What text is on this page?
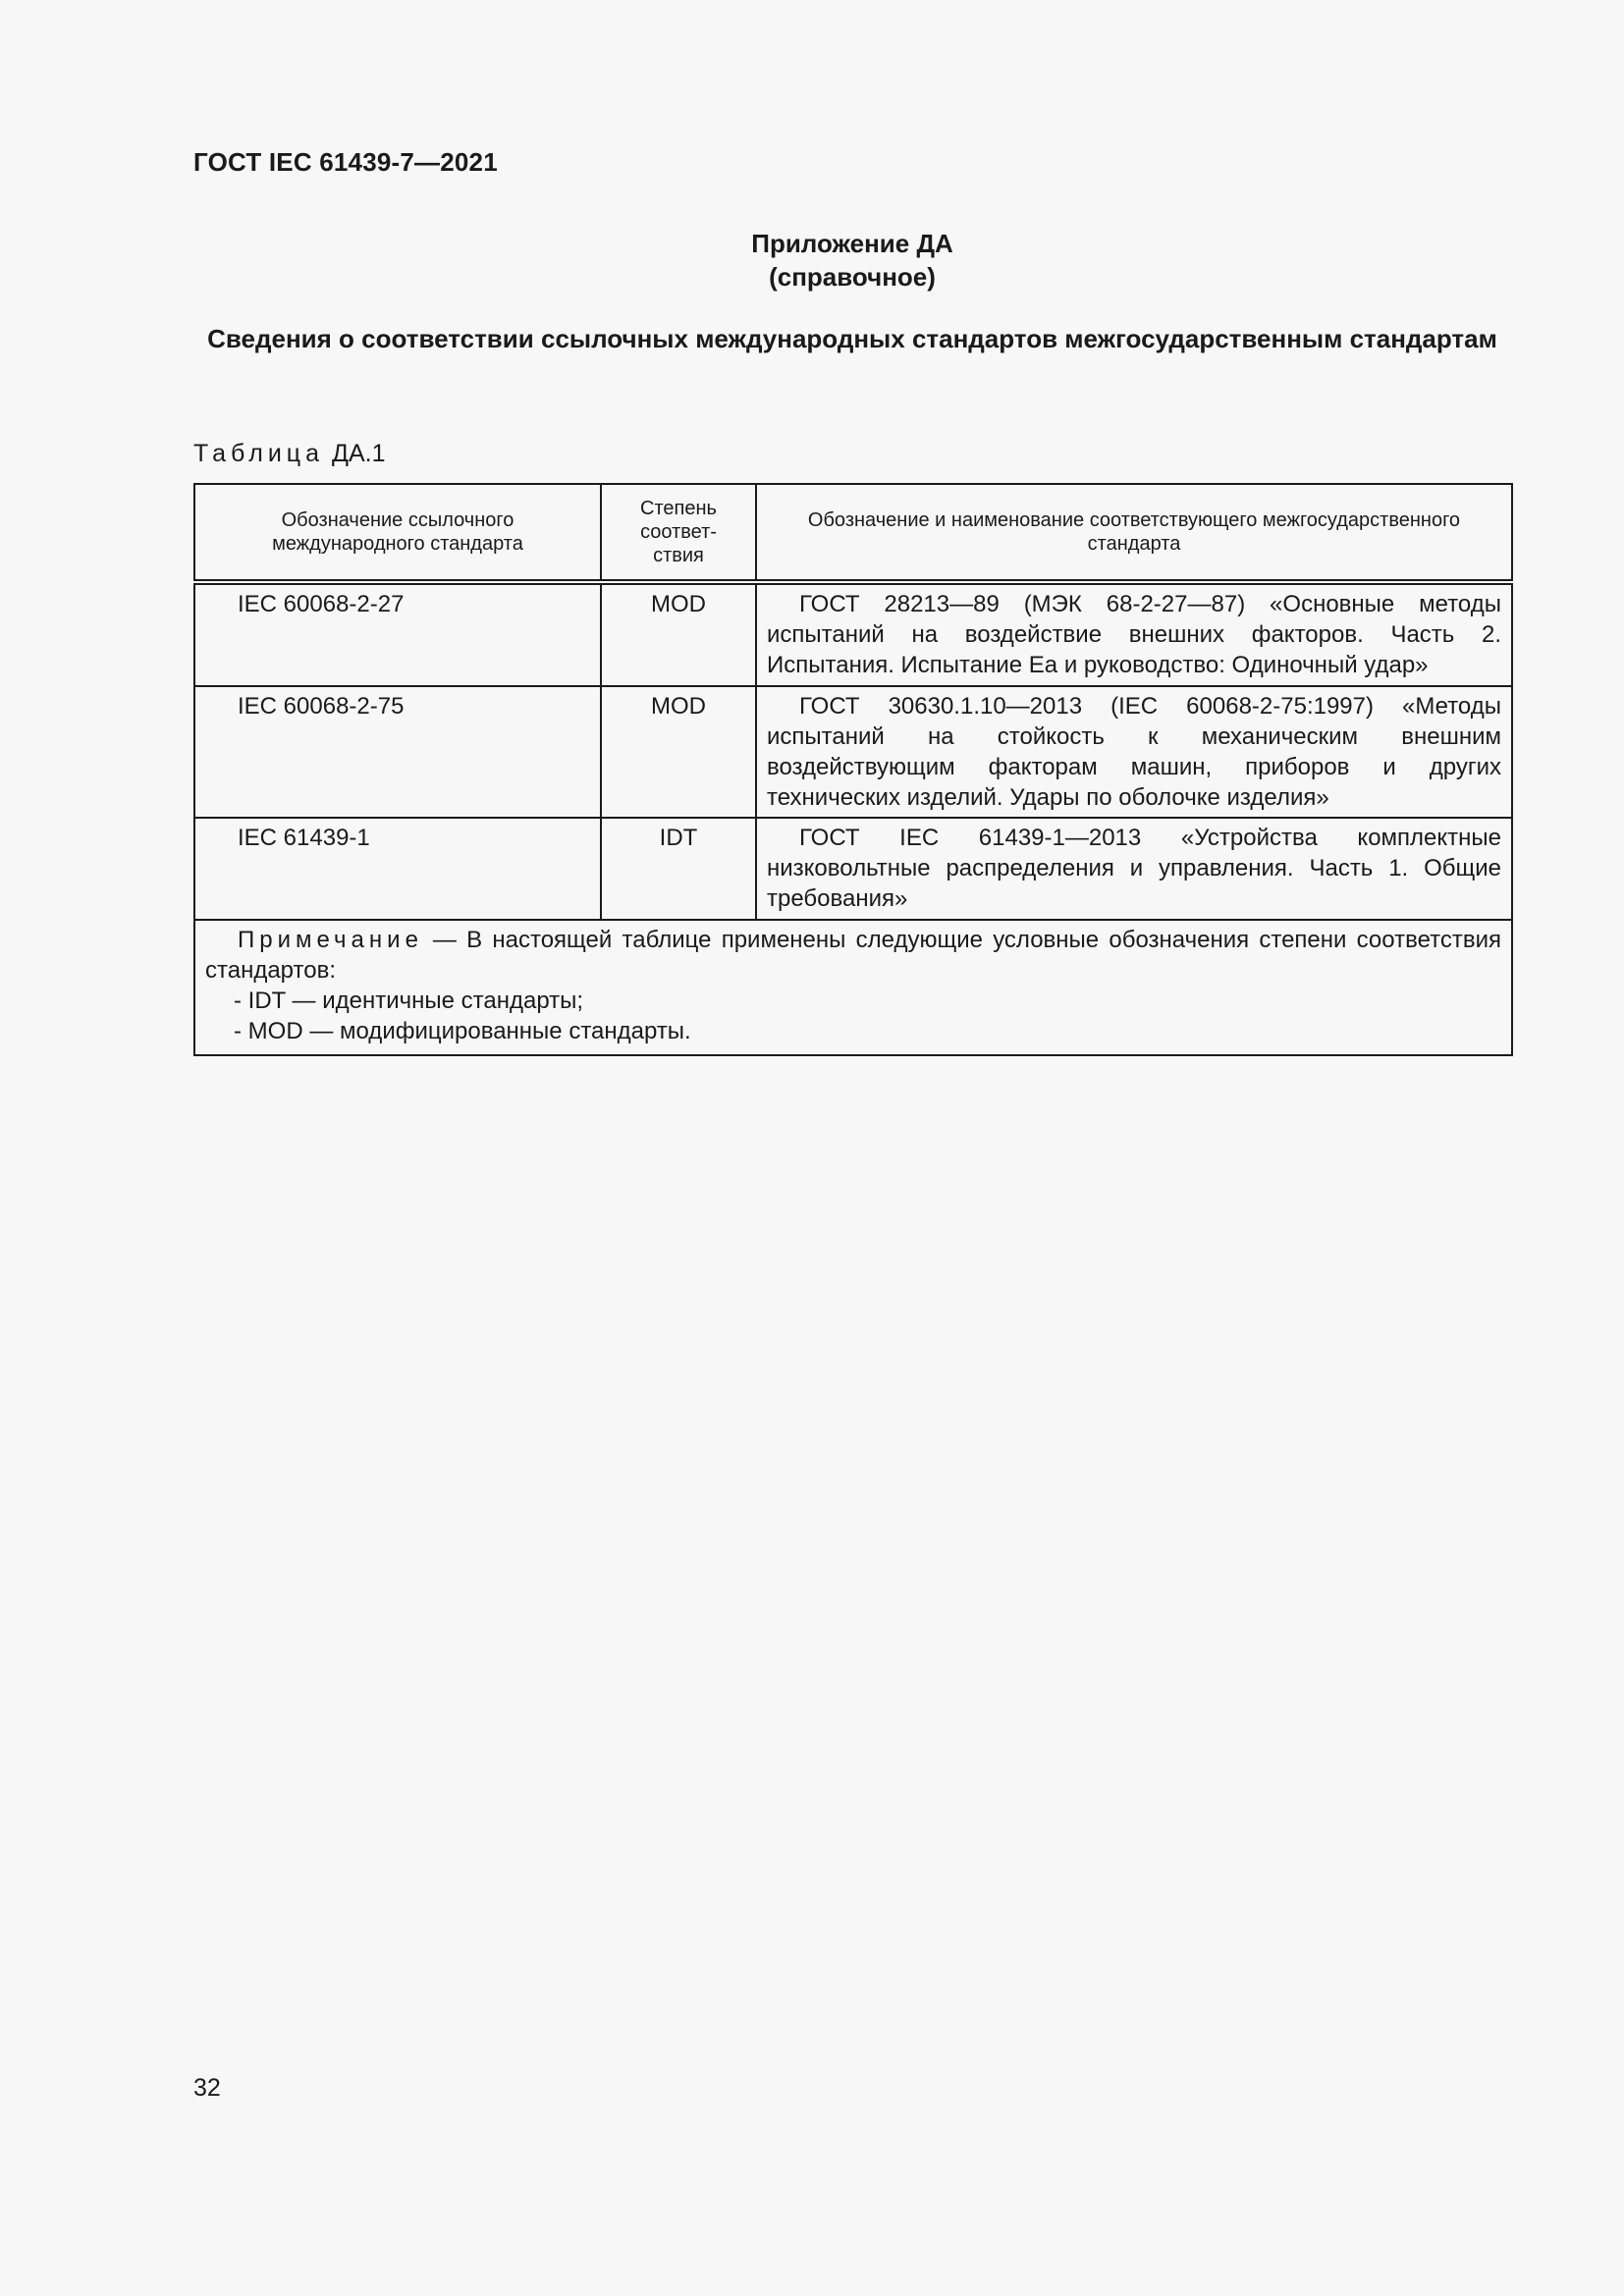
ГОСТ IEC 61439-7—2021
Приложение ДА
(справочное)
Сведения о соответствии ссылочных международных стандартов межгосударственным стандартам
Таблица ДА.1
Обозначение ссылочного международного стандарта	Степень соответ-ствия	Обозначение и наименование соответствующего межгосударственного стандарта

IEC 60068-2-27	MOD	ГОСТ 28213—89 (МЭК 68-2-27—87) «Основные методы испытаний на воздействие внешних факторов. Часть 2. Испытания. Испытание Еа и руководство: Одиночный удар»
IEC 60068-2-75	MOD	ГОСТ 30630.1.10—2013 (IEC 60068-2-75:1997) «Методы испытаний на стойкость к механическим внешним воздействующим факторам машин, приборов и других технических изделий. Удары по оболочке изделия»
IEC 61439-1	IDT	ГОСТ IEC 61439-1—2013 «Устройства комплектные низковольтные распределения и управления. Часть 1. Общие требования»

Примечание — В настоящей таблице применены следующие условные обозначения степени соответствия стандартов:
- IDT — идентичные стандарты;
- MOD — модифицированные стандарты.		
32
